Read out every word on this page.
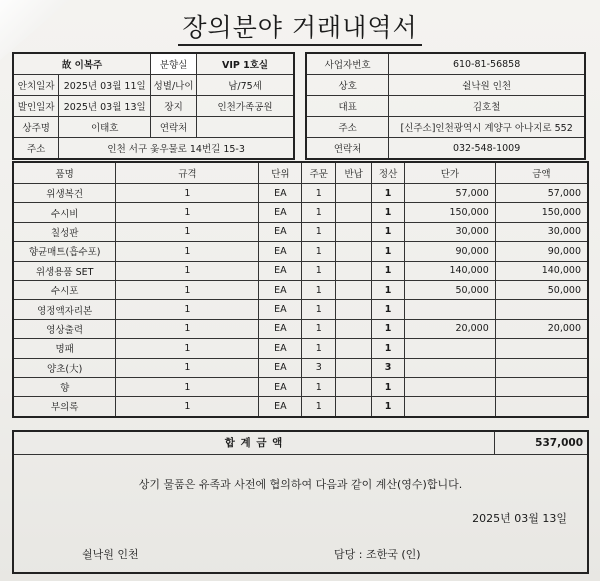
장의분야 거래내역서
故 이복주		분향실	VIP 1호실
안치일자	2025년 03월 11일	성별/나이	남/75세
발인일자	2025년 03월 13일	장지	인천가족공원
상주명	이태호	연락처	
주소	인천 서구 옻우물로 14번길 15-3		
사업자번호	610-81-56858
상호	쉴낙원 인천
대표	김호철
주소	[신주소]인천광역시 계양구 아나지로 552
연락처	032-548-1009
품명	규격	단위	주문	반납	정산	단가	금액
위생복건	1	EA	1		1	57,000	57,000
수시비	1	EA	1		1	150,000	150,000
칠성판	1	EA	1		1	30,000	30,000
향균매트(흡수포)	1	EA	1		1	90,000	90,000
위생용품 SET	1	EA	1		1	140,000	140,000
수시포	1	EA	1		1	50,000	50,000
영정액자리본	1	EA	1		1		
영상출력	1	EA	1		1	20,000	20,000
명패	1	EA	1		1		
양초(大)	1	EA	3		3		
향	1	EA	1		1		
부의록	1	EA	1		1		
합 계 금 액	537,000
상기 물품은 유족과 사전에 협의하여 다음과 같이 계산(영수)합니다.
2025년 03월 13일
쉴낙원 인천	담당 : 조한국 (인)
